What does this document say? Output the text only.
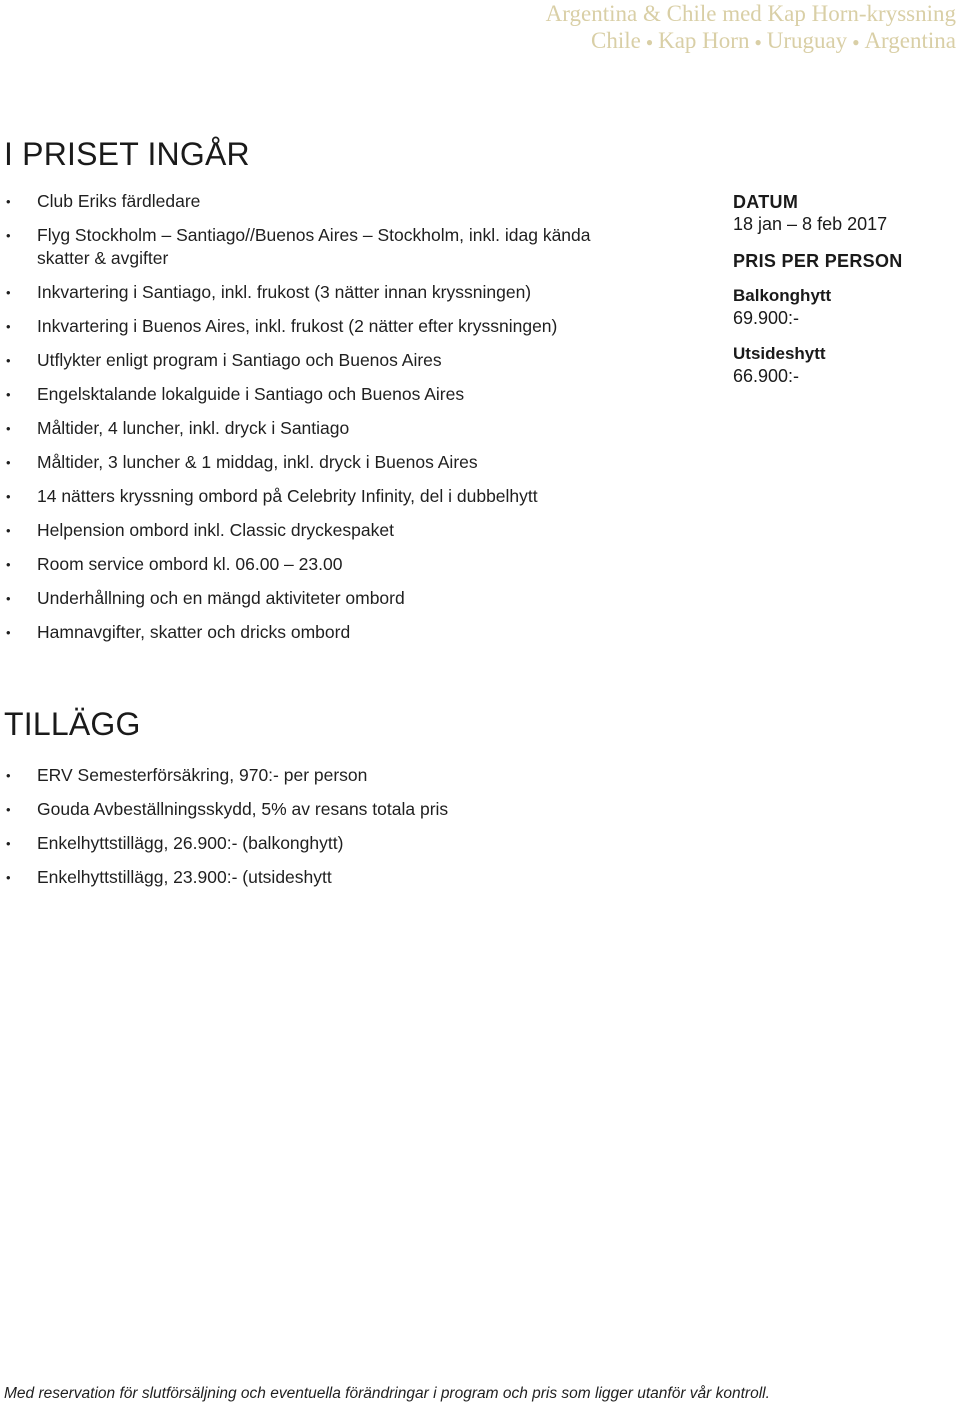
Argentina & Chile med Kap Horn-kryssning
Chile ● Kap Horn ● Uruguay ● Argentina
I PRISET INGÅR
• Club Eriks färdledare
• Flyg Stockholm – Santiago//Buenos Aires – Stockholm, inkl. idag kända skatter & avgifter
• Inkvartering i Santiago, inkl. frukost (3 nätter innan kryssningen)
• Inkvartering i Buenos Aires, inkl. frukost (2 nätter efter kryssningen)
• Utflykter enligt program i Santiago och Buenos Aires
• Engelsktalande lokalguide i Santiago och Buenos Aires
• Måltider, 4 luncher, inkl. dryck i Santiago
• Måltider, 3 luncher & 1 middag, inkl. dryck i Buenos Aires
• 14 nätters kryssning ombord på Celebrity Infinity, del i dubbelhytt
• Helpension ombord inkl. Classic dryckespaket
• Room service ombord kl. 06.00 – 23.00
• Underhållning och en mängd aktiviteter ombord
• Hamnavgifter, skatter och dricks ombord
DATUM
18 jan – 8 feb 2017
PRIS PER PERSON
Balkonghytt
69.900:-
Utsideshytt
66.900:-
TILLÄGG
• ERV Semesterförsäkring, 970:- per person
• Gouda Avbeställningsskydd, 5% av resans totala pris
• Enkelhyttstillägg, 26.900:- (balkonghytt)
• Enkelhyttstillägg, 23.900:- (utsideshytt
Med reservation för slutförsäljning och eventuella förändringar i program och pris som ligger utanför vår kontroll.
